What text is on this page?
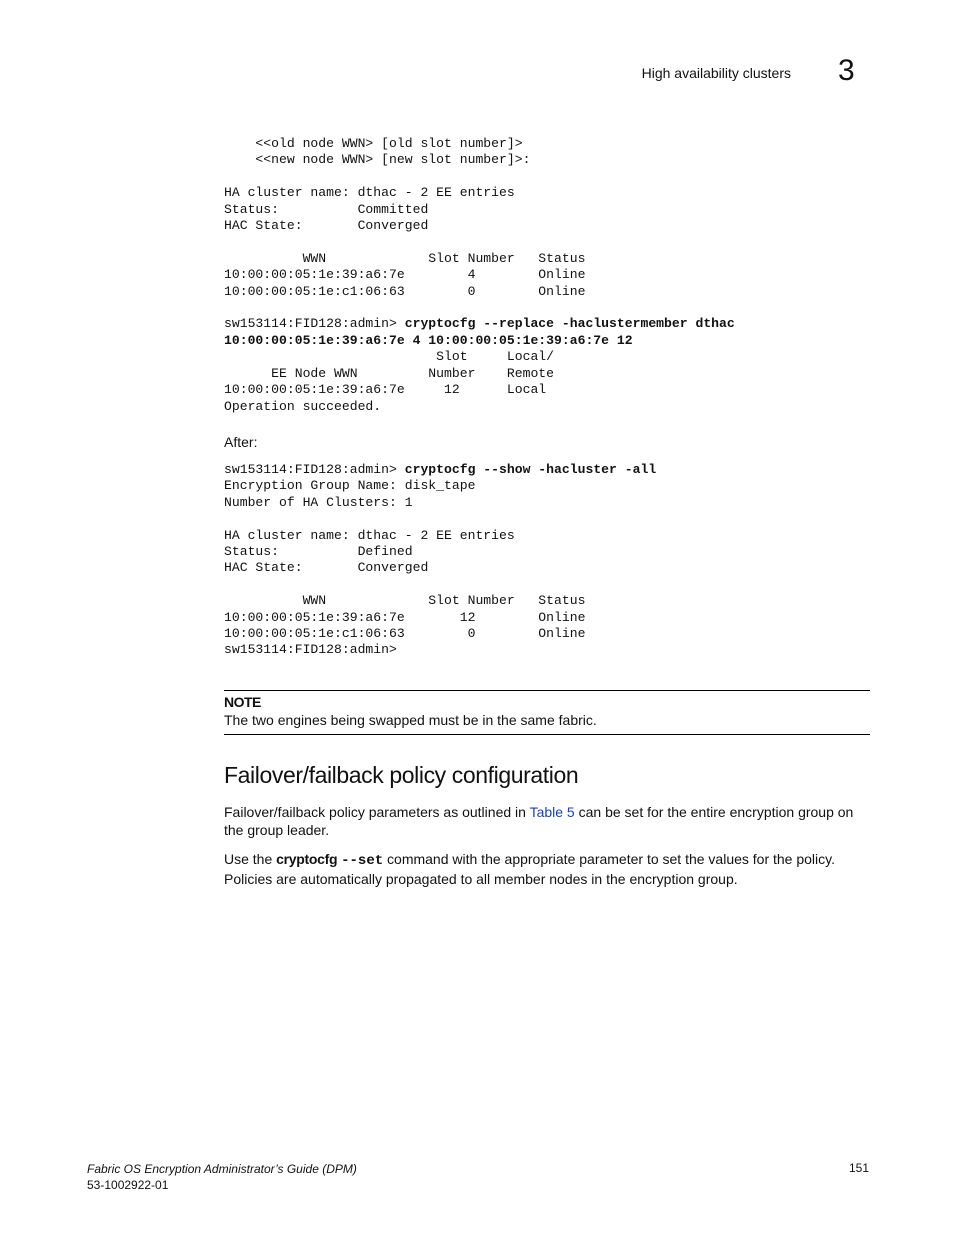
High availability clusters 3
<<old node WWN> [old slot number]>
<<new node WWN> [new slot number]>:

HA cluster name: dthac - 2 EE entries
Status:          Committed
HAC State:       Converged

WWN             Slot Number   Status
10:00:00:05:1e:39:a6:7e        4        Online
10:00:00:05:1e:c1:06:63        0        Online

sw153114:FID128:admin> cryptocfg --replace -haclustermember dthac
10:00:00:05:1e:39:a6:7e 4 10:00:00:05:1e:39:a6:7e 12
Slot     Local/
EE Node WWN         Number    Remote
10:00:00:05:1e:39:a6:7e     12      Local
Operation succeeded.
After:
sw153114:FID128:admin> cryptocfg --show -hacluster -all
Encryption Group Name: disk_tape
Number of HA Clusters: 1

HA cluster name: dthac - 2 EE entries
Status:          Defined
HAC State:       Converged

WWN             Slot Number   Status
10:00:00:05:1e:39:a6:7e       12        Online
10:00:00:05:1e:c1:06:63        0        Online
sw153114:FID128:admin>
NOTE
The two engines being swapped must be in the same fabric.
Failover/failback policy configuration

Failover/failback policy parameters as outlined in Table 5 can be set for the entire encryption group on the group leader.

Use the cryptocfg --set command with the appropriate parameter to set the values for the policy. Policies are automatically propagated to all member nodes in the encryption group.

Fabric OS Encryption Administrator’s Guide (DPM)
53-1002922-01
151
